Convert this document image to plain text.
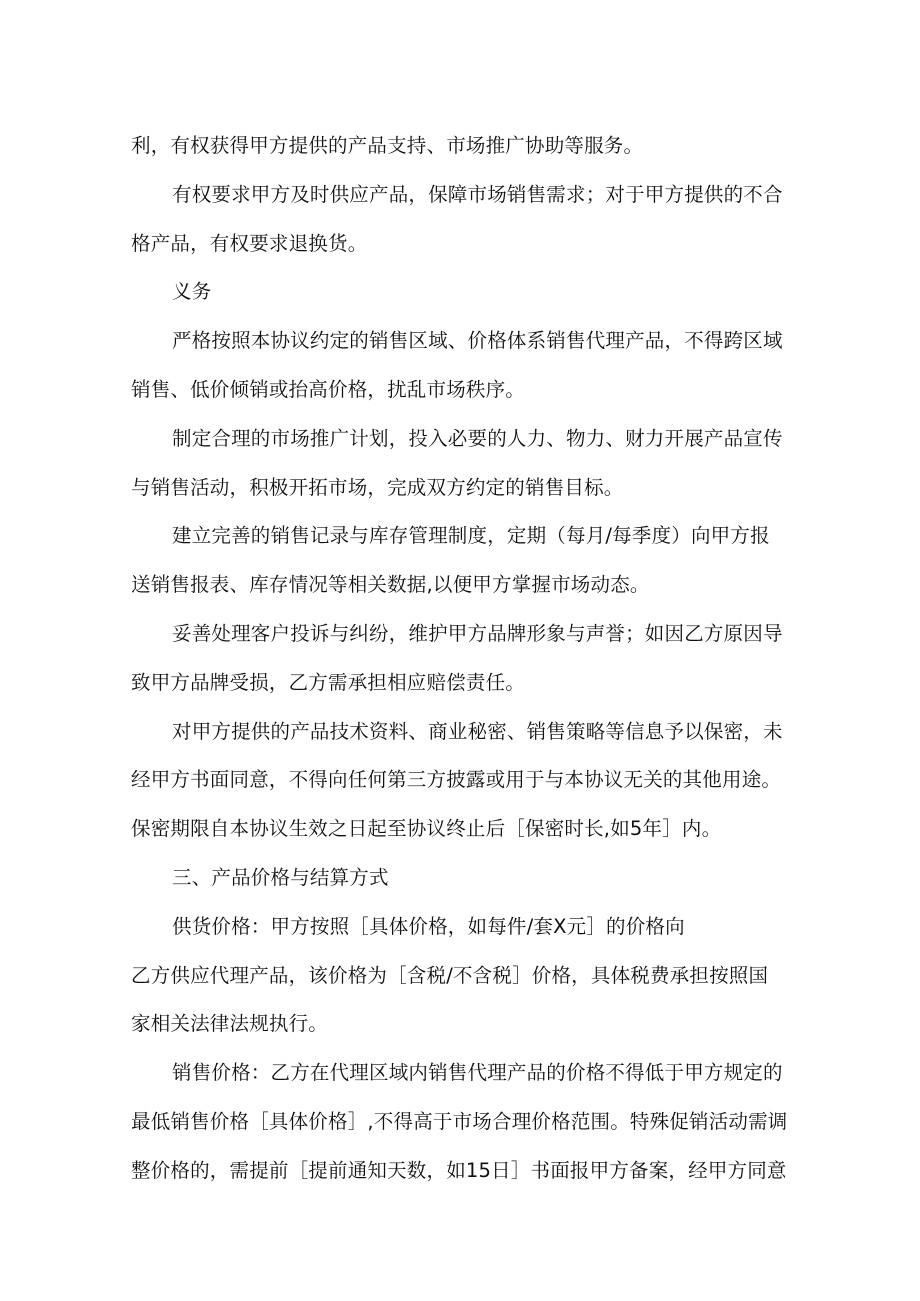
利，有权获得甲方提供的产品支持、市场推广协助等服务。
有权要求甲方及时供应产品，保障市场销售需求；对于甲方提供的不合
格产品，有权要求退换货。
义务
严格按照本协议约定的销售区域、价格体系销售代理产品，不得跨区域
销售、低价倾销或抬高价格，扰乱市场秩序。
制定合理的市场推广计划，投入必要的人力、物力、财力开展产品宣传
与销售活动，积极开拓市场，完成双方约定的销售目标。
建立完善的销售记录与库存管理制度，定期（每月/每季度）向甲方报
送销售报表、库存情况等相关数据,以便甲方掌握市场动态。
妥善处理客户投诉与纠纷，维护甲方品牌形象与声誉；如因乙方原因导
致甲方品牌受损，乙方需承担相应赔偿责任。
对甲方提供的产品技术资料、商业秘密、销售策略等信息予以保密，未
经甲方书面同意，不得向任何第三方披露或用于与本协议无关的其他用途。
保密期限自本协议生效之日起至协议终止后［保密时长,如5年］内。
三、产品价格与结算方式
供货价格：甲方按照［具体价格，如每件/套X元］的价格向
乙方供应代理产品，该价格为［含税/不含税］价格，具体税费承担按照国
家相关法律法规执行。
销售价格：乙方在代理区域内销售代理产品的价格不得低于甲方规定的
最低销售价格［具体价格］,不得高于市场合理价格范围。特殊促销活动需调
整价格的，需提前［提前通知天数，如15日］书面报甲方备案，经甲方同意
